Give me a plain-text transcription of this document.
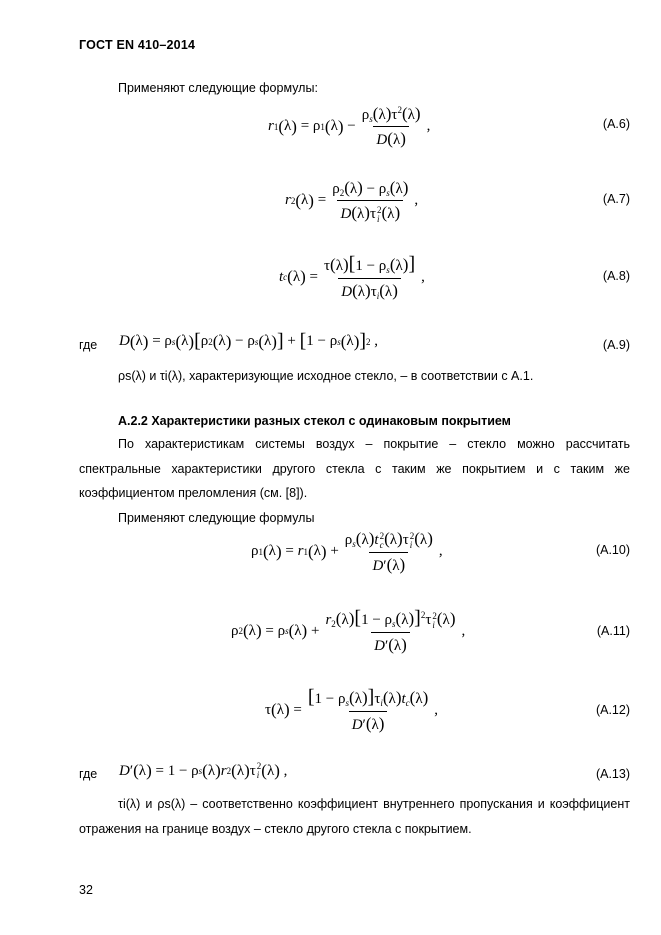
ГОСТ EN 410–2014
Применяют следующие формулы:
r 1 ( λ ) = ρ 1 ( λ ) − $\frac{\rho_s(\lambda)\tau^2(\lambda)}{D(\lambda)}$ ,	(A.6)
r 2 ( λ ) = $\rho_2(\lambda) - \rho_s(\lambda)$
D(λ)τ 2
i (λ) ,	(A.7)
t c ( λ ) = $\frac{\tau(\lambda)[1 - \rho_s(\lambda)]}{D(\lambda)\tau_i(\lambda)}$ ,	(A.8)
где D ( λ ) = ρ s ( λ ) [ ρ 2 ( λ ) − ρ s ( λ ) ] + [ 1 − ρ s ( λ ) ] 2 ,	(A.9)
ρs(λ) и τi(λ), характеризующие исходное стекло, – в соответствии с А.1.
А.2.2 Характеристики разных стекол с одинаковым покрытием
По характеристикам системы воздух – покрытие – стекло можно рассчитать спектральные характеристики другого стекла с таким же покрытием и с таким же коэффициентом преломления (см. [8]).
Применяют следующие формулы
ρ 1 ( λ ) = r 1 ( λ ) + $\rho_s(\lambda)t$ 2
c (λ)τ 2
i (λ)
D′(λ) ,	(A.10)
ρ 2 ( λ ) = ρ s ( λ ) + $r_2(\lambda)[1 - \rho_s(\lambda)]^2\tau$ 2
i (λ)
D′(λ) ,	(A.11)
τ ( λ ) = $\frac{[1 - \rho_s(\lambda)]\tau_i(\lambda)t_c(\lambda)}{D'(\lambda)}$ ,	(A.12)
где D ′ ( λ ) = 1 − ρ s ( λ ) r 2 ( λ ) τ 2
i ( λ ) ,	(A.13)
τi(λ) и ρs(λ) – соответственно коэффициент внутреннего пропускания и коэффициент отражения на границе воздух – стекло другого стекла с покрытием.
32
